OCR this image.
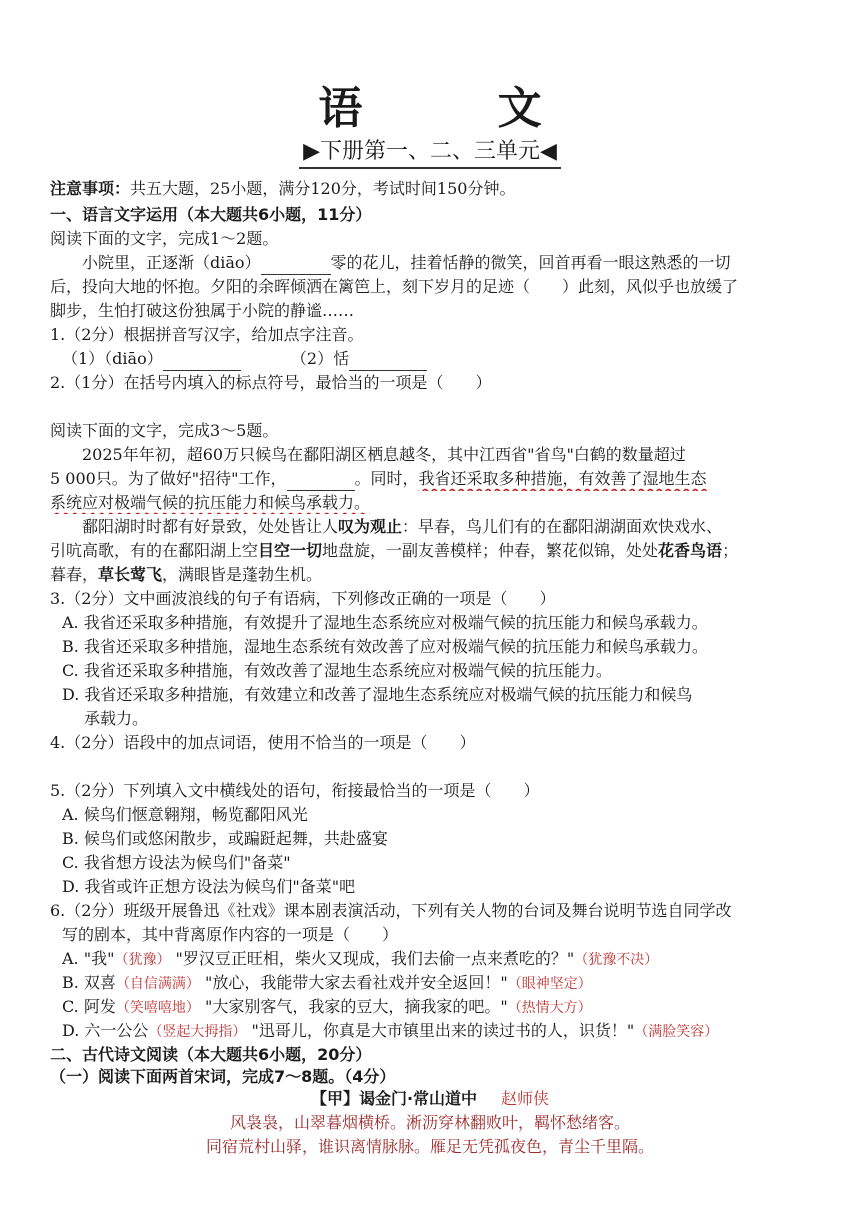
语 文
▶下册第一、二、三单元◀
注意事项：共五大题，25小题，满分120分，考试时间150分钟。
一、语言文字运用（本大题共6小题，11分）
阅读下面的文字，完成1～2题。
小院里，正逐渐（diāo）	零的花儿，挂着恬静的微笑，回首再看一眼这熟悉的一切
后，投向大地的怀抱。夕阳的余晖倾洒在篱笆上，刻下岁月的足迹（　　）此刻，风似乎也放缓了
脚步，生怕打破这份独属于小院的静谧……
1.（2分）根据拼音写汉字，给加点字注音。
（1）（diāo）	（2）恬
2.（1分）在括号内填入的标点符号，最恰当的一项是（　　）
阅读下面的文字，完成3～5题。
2025年年初，超60万只候鸟在鄱阳湖区栖息越冬，其中江西省"省鸟"白鹤的数量超过
5 000只。为了做好"招待"工作，	。同时，我省还采取多种措施，有效善了湿地生态
系统应对极端气候的抗压能力和候鸟承载力。
鄱阳湖时时都有好景致，处处皆让人叹为观止：早春，鸟儿们有的在鄱阳湖湖面欢快戏水、
引吭高歌，有的在鄱阳湖上空目空一切地盘旋，一副友善模样；仲春，繁花似锦，处处花香鸟语；
暮春，草长莺飞，满眼皆是蓬勃生机。
3.（2分）文中画波浪线的句子有语病，下列修改正确的一项是（　　）
A. 我省还采取多种措施，有效提升了湿地生态系统应对极端气候的抗压能力和候鸟承载力。
B. 我省还采取多种措施，湿地生态系统有效改善了应对极端气候的抗压能力和候鸟承载力。
C. 我省还采取多种措施，有效改善了湿地生态系统应对极端气候的抗压能力。
D. 我省还采取多种措施，有效建立和改善了湿地生态系统应对极端气候的抗压能力和候鸟
承载力。
4.（2分）语段中的加点词语，使用不恰当的一项是（　　）
5.（2分）下列填入文中横线处的语句，衔接最恰当的一项是（　　）
A. 候鸟们惬意翱翔，畅览鄱阳风光
B. 候鸟们或悠闲散步，或蹁跹起舞，共赴盛宴
C. 我省想方设法为候鸟们"备菜"
D. 我省或许正想方设法为候鸟们"备菜"吧
6.（2分）班级开展鲁迅《社戏》课本剧表演活动，下列有关人物的台词及舞台说明节选自同学改
写的剧本，其中背离原作内容的一项是（　　）
A. "我"（犹豫） "罗汉豆正旺相，柴火又现成，我们去偷一点来煮吃的？"（犹豫不决）
B. 双喜（自信满满） "放心，我能带大家去看社戏并安全返回！"（眼神坚定）
C. 阿发（笑嘻嘻地） "大家别客气，我家的豆大，摘我家的吧。"（热情大方）
D. 六一公公（竖起大拇指） "迅哥儿，你真是大市镇里出来的读过书的人，识货！"（满脸笑容）
二、古代诗文阅读（本大题共6小题，20分）
（一）阅读下面两首宋词，完成7～8题。（4分）
【甲】谒金门·常山道中 赵师侠
风袅袅，山翠暮烟横桥。淅沥穿林翻败叶，羁怀愁绪客。
同宿荒村山驿，谁识离情脉脉。雁足无凭孤夜色，青尘千里隔。
